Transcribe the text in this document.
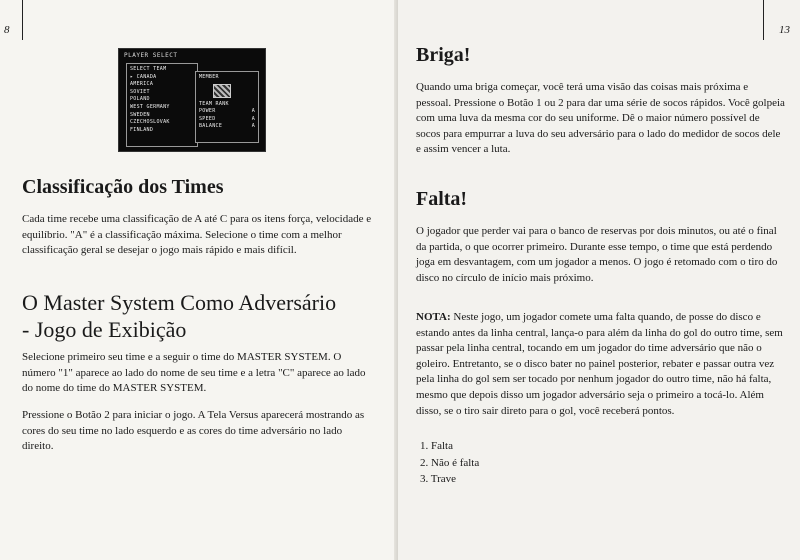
8
PLAYER SELECT
SELECT TEAM
▸ CANADA
AMERICA
SOVIET
POLAND
WEST GERMANY
SWEDEN
CZECHOSLOVAK
FINLAND
MEMBER
TEAM RANK
POWER	A
SPEED	A
BALANCE	A
Classificação dos Times

Cada time recebe uma classificação de A até C para os itens força, velocidade e equilíbrio. "A" é a classificação máxima. Selecione o time com a melhor classificação geral se desejar o jogo mais rápido e mais difícil.

O Master System Como Adversário
- Jogo de Exibição

Selecione primeiro seu time e a seguir o time do MASTER SYSTEM. O número "1" aparece ao lado do nome de seu time e a letra "C" aparece ao lado do nome do time do MASTER SYSTEM.

Pressione o Botão 2 para iniciar o jogo. A Tela Versus aparecerá mostrando as cores do seu time no lado esquerdo e as cores do time adversário no lado direito.

13
Briga!

Quando uma briga começar, você terá uma visão das coisas mais próxima e pessoal. Pressione o Botão 1 ou 2 para dar uma série de socos rápidos. Você golpeia com uma luva da mesma cor do seu uniforme. Dê o maior número possível de socos para empurrar a luva do seu adversário para o lado do medidor de socos dele e assim vencer a luta.

Falta!

O jogador que perder vai para o banco de reservas por dois minutos, ou até o final da partida, o que ocorrer primeiro. Durante esse tempo, o time que está perdendo joga em desvantagem, com um jogador a menos. O jogo é retomado com o tiro do disco no círculo de início mais próximo.

NOTA: Neste jogo, um jogador comete uma falta quando, de posse do disco e estando antes da linha central, lança-o para além da linha do gol do outro time, sem passar pela linha central, tocando em um jogador do time adversário que não o goleiro. Entretanto, se o disco bater no painel posterior, rebater e passar outra vez pela linha do gol sem ser tocado por nenhum jogador do outro time, não há falta, mesmo que depois disso um jogador adversário seja o primeiro a tocá-lo. Além disso, se o tiro sair direto para o gol, você receberá pontos.

1. Falta
2. Não é falta
3. Trave
